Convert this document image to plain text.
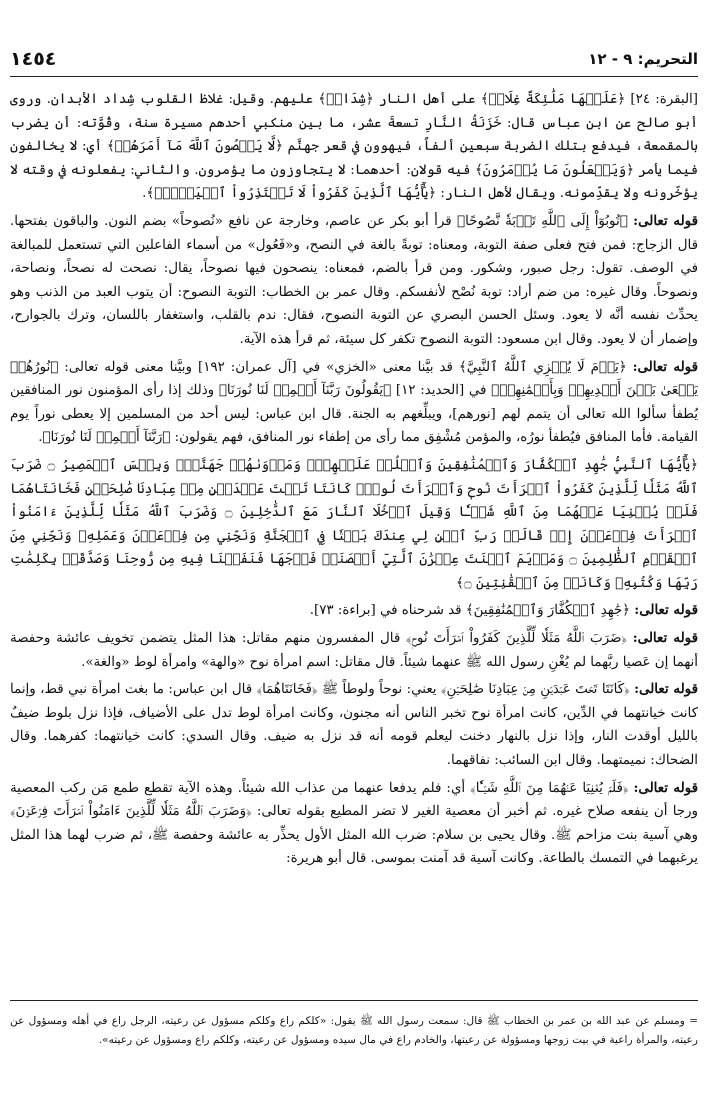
التحريم: ٩ - ١٢
١٤٥٤

[البقرة: ٢٤] ﴿عَلَيۡهَا مَلَٰٓئِكَةٌ غِلَاظٞ﴾ على أهل النار ﴿شِدَادٞ﴾ عليهم. وقيل: غلاظ القلوب شِداد الأبدان. وروى أبو صالح عن ابن عباس قال: خَزَنَةُ النَّارِ تسعةَ عشر، ما بين منكبي أحدهم مسيرة سنة، وقُوَّته: أن يضرب بالمقمعة، فيدفع بتلك الضربة سبعين ألفاً، فيهوون في قعر جهنَّم ﴿لَّا يَعۡصُونَ ٱللَّهَ مَآ أَمَرَهُمۡ﴾ أي: لا يخالفون فيما يأمر ﴿وَيَفۡعَلُونَ مَا يُؤۡمَرُونَ﴾ فيه قولان: أحدهما: لا يتجاوزون ما يؤمرون. والثاني: يفعلونه في وقته لا يؤخّرونه ولا يقدِّمونه. ويقال لأهل النار: ﴿يَٰٓأَيُّهَا ٱلَّذِينَ كَفَرُواْ لَا تَعۡتَذِرُواْ ٱلۡيَوۡمَۖ﴾.

قوله تعالى: ﴿تُوبُوٓاْ إِلَى ٱللَّهِ تَوۡبَةٗ نَّصُوحًا﴾ قرأ أبو بكر عن عاصم، وخارجة عن نافع «نُصوحاً» بضم النون. والباقون بفتحها. قال الزجاج: فمن فتح فعلى صفة التوبة، ومعناه: توبةً بالغة في النصح، و«فَعُول» من أسماء الفاعلين التي تستعمل للمبالغة في الوصف. تقول: رجل صبور، وشكور. ومن قرأ بالضم، فمعناه: ينصحون فيها نصوحاً، يقال: نصحت له نصحاً، ونصاحة، ونصوحاً. وقال غيره: من ضم أراد: توبة نُصْح لأنفسكم. وقال عمر بن الخطاب: التوبة النصوح: أن يتوب العبد من الذنب وهو يحدِّث نفسه أنَّه لا يعود. وسئل الحسن البصري عن التوبة النصوح، فقال: ندم بالقلب، واستغفار باللسان، وترك بالجوارح، وإضمار أن لا يعود. وقال ابن مسعود: التوبة النصوح تكفر كل سيئة، ثم قرأ هذه الآية.

قوله تعالى: ﴿يَوۡمَ لَا يُخۡزِي ٱللَّهُ ٱلنَّبِيَّ﴾ قد بيَّنا معنى «الخزي» في [آل عمران: ١٩٢] وبيَّنا معنى قوله تعالى: ﴿نُورُهُمۡ يَسۡعَىٰ بَيۡنَ أَيۡدِيهِمۡ وَبِأَيۡمَٰنِهِمۡ﴾ في [الحديد: ١٢] ﴿يَقُولُونَ رَبَّنَآ أَتۡمِمۡ لَنَا نُورَنَا﴾ وذلك إذا رأى المؤمنون نور المنافقين يُطفأ سألوا الله تعالى أن يتمم لهم [نورهم]، ويبلِّغهم به الجنة. قال ابن عباس: ليس أحد من المسلمين إلا يعطى نوراً يوم القيامة. فأما المنافق فيُطفأ نورُه، والمؤمن مُشْفِق مما رأى من إطفاء نور المنافق، فهم يقولون: ﴿رَبَّنَآ أَتۡمِمۡ لَنَا نُورَنَا﴾.

﴿يَٰٓأَيُّهَا ٱلنَّبِيُّ جَٰهِدِ ٱلۡكُفَّارَ وَٱلۡمُنَٰفِقِينَ وَٱغۡلُظۡ عَلَيۡهِمۡۚ وَمَأۡوَىٰهُمۡ جَهَنَّمُۖ وَبِئۡسَ ٱلۡمَصِيرُ ۝ ضَرَبَ ٱللَّهُ مَثَلٗا لِّلَّذِينَ كَفَرُواْ ٱمۡرَأَتَ نُوحٖ وَٱمۡرَأَتَ لُوطٖۖ كَانَتَا تَحۡتَ عَبۡدَيۡنِ مِنۡ عِبَادِنَا صَٰلِحَيۡنِ فَخَانَتَاهُمَا فَلَمۡ يُغۡنِيَا عَنۡهُمَا مِنَ ٱللَّهِ شَيۡـٔٗا وَقِيلَ ٱدۡخُلَا ٱلنَّارَ مَعَ ٱلدَّٰخِلِينَ ۝ وَضَرَبَ ٱللَّهُ مَثَلٗا لِّلَّذِينَ ءَامَنُواْ ٱمۡرَأَتَ فِرۡعَوۡنَ إِذۡ قَالَتۡ رَبِّ ٱبۡنِ لِي عِندَكَ بَيۡتٗا فِي ٱلۡجَنَّةِ وَنَجِّنِي مِن فِرۡعَوۡنَ وَعَمَلِهِۦ وَنَجِّنِي مِنَ ٱلۡقَوۡمِ ٱلظَّٰلِمِينَ ۝ وَمَرۡيَمَ ٱبۡنَتَ عِمۡرَٰنَ ٱلَّتِيٓ أَحۡصَنَتۡ فَرۡجَهَا فَنَفَخۡنَا فِيهِ مِن رُّوحِنَا وَصَدَّقَتۡ بِكَلِمَٰتِ رَبِّهَا وَكُتُبِهِۦ وَكَانَتۡ مِنَ ٱلۡقَٰنِتِينَ ۝﴾

قوله تعالى: ﴿جَٰهِدِ ٱلۡكُفَّارَ وَٱلۡمُنَٰفِقِينَ﴾ قد شرحناه في [براءة: ٧٣].

قوله تعالى: ﴿ضَرَبَ ٱللَّهُ مَثَلٗا لِّلَّذِينَ كَفَرُواْ ٱمۡرَأَتَ نُوحٖ﴾ قال المفسرون منهم مقاتل: هذا المثل يتضمن تخويف عائشة وحفصة أنهما إن عَصيا ربَّهما لم يُغْنِ رسول الله ﷺ عنهما شيئاً. قال مقاتل: اسم امرأة نوح «والهة» وامرأة لوط «والغة».

قوله تعالى: ﴿كَانَتَا تَحۡتَ عَبۡدَيۡنِ مِنۡ عِبَادِنَا صَٰلِحَيۡنِ﴾ يعني: نوحاً ولوطاً ﷺ ﴿فَخَانَتَاهُمَا﴾ قال ابن عباس: ما بغت امرأة نبي قط، وإنما كانت خيانتهما في الدِّين، كانت امرأة نوح تخبر الناس أنه مجنون، وكانت امرأة لوط تدل على الأضياف، فإذا نزل بلوط ضيفٌ بالليل أوقدت النار، وإذا نزل بالنهار دخنت ليعلم قومه أنه قد نزل به ضيف. وقال السدي: كانت خيانتهما: كفرهما. وقال الضحاك: نميمتهما. وقال ابن السائب: نفاقهما.

قوله تعالى: ﴿فَلَمۡ يُغۡنِيَا عَنۡهُمَا مِنَ ٱللَّهِ شَيۡـٔٗا﴾ أي: فلم يدفعا عنهما من عذاب الله شيئاً. وهذه الآية تقطع طمع مَن ركب المعصية ورجا أن ينفعه صلاح غيره. ثم أخبر أن معصية الغير لا تضر المطيع بقوله تعالى: ﴿وَضَرَبَ ٱللَّهُ مَثَلٗا لِّلَّذِينَ ءَامَنُواْ ٱمۡرَأَتَ فِرۡعَوۡنَ﴾ وهي آسية بنت مزاحم ﷺ. وقال يحيى بن سلام: ضرب الله المثل الأول يحذِّر به عائشة وحفصة ﷺ، ثم ضرب لهما هذا المثل يرغبهما في التمسك بالطاعة. وكانت آسية قد آمنت بموسى. قال أبو هريرة:

= ومسلم عن عبد الله بن عمر بن الخطاب ﷺ قال: سمعت رسول الله ﷺ يقول: «كلكم راع وكلكم مسؤول عن رعيته، الرجل راع في أهله ومسؤول عن رعيته، والمرأة راعية في بيت زوجها ومسؤولة عن رعيتها، والخادم راع في مال سيده ومسؤول عن رعيته، وكلكم راع ومسؤول عن رعيته».
